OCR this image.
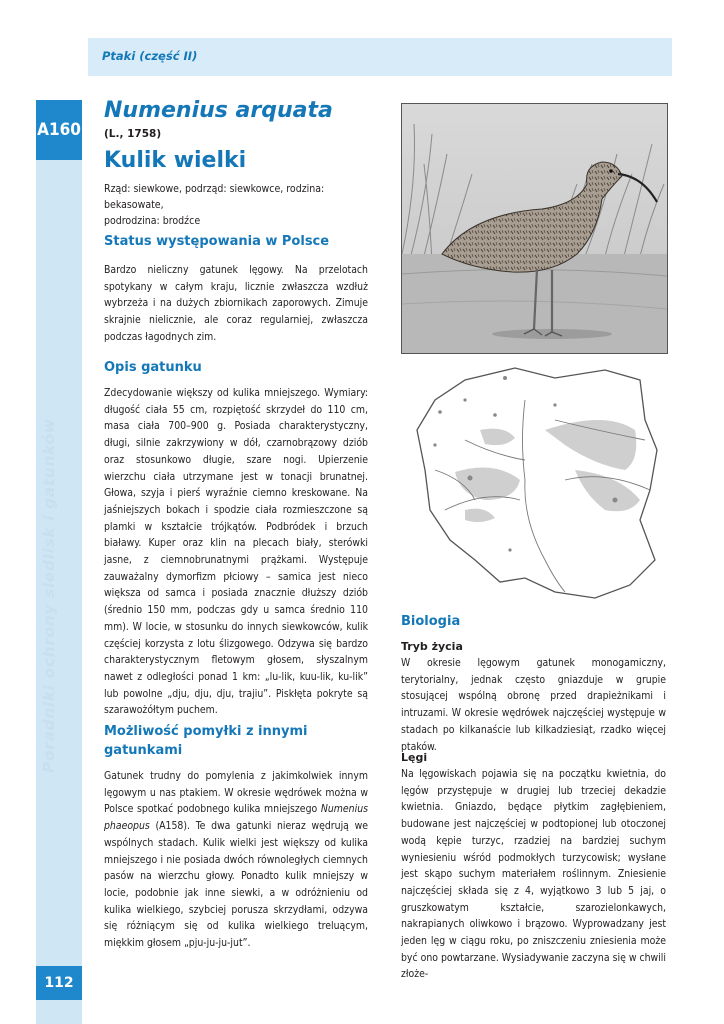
Ptaki (część II)
A160
112
Poradniki ochrony siedlisk i gatunków
Numenius arquata
(L., 1758)
Kulik wielki
Rząd: siewkowe, podrząd: siewkowce, rodzina: bekasowate,
podrodzina: brodźce
Status występowania w Polsce
Bardzo nieliczny gatunek lęgowy. Na przelotach spotykany w całym kraju, licznie zwłaszcza wzdłuż wybrzeża i na dużych zbiornikach zaporowych. Zimuje skrajnie nielicznie, ale coraz regularniej, zwłaszcza podczas łagodnych zim.
Opis gatunku
Zdecydowanie większy od kulika mniejszego. Wymiary: długość ciała 55 cm, rozpiętość skrzydeł do 110 cm, masa ciała 700–900 g. Posiada charakterystyczny, długi, silnie zakrzywiony w dół, czarnobrązowy dziób oraz stosunkowo długie, szare nogi. Upierzenie wierzchu ciała utrzymane jest w tonacji brunatnej. Głowa, szyja i pierś wyraźnie ciemno kreskowane. Na jaśniejszych bokach i spodzie ciała rozmieszczone są plamki w kształcie trójkątów. Podbródek i brzuch białawy. Kuper oraz klin na plecach biały, sterówki jasne, z ciemnobrunatnymi prążkami. Występuje zauważalny dymorfizm płciowy – samica jest nieco większa od samca i posiada znacznie dłuższy dziób (średnio 150 mm, podczas gdy u samca średnio 110 mm). W locie, w stosunku do innych siewkowców, kulik częściej korzysta z lotu ślizgowego. Odzywa się bardzo charakterystycznym fletowym głosem, słyszalnym nawet z odległości ponad 1 km: „lu-lik, kuu-lik, ku-lik” lub powolne „dju, dju, dju, trajiu”. Piskłęta pokryte są szarawożółtym puchem.
Możliwość pomyłki z innymi gatunkami
Gatunek trudny do pomylenia z jakimkolwiek innym lęgowym u nas ptakiem. W okresie wędrówek można w Polsce spotkać podobnego kulika mniejszego Numenius phaeopus (A158). Te dwa gatunki nieraz wędrują we wspólnych stadach. Kulik wielki jest większy od kulika mniejszego i nie posiada dwóch równoległych ciemnych pasów na wierzchu głowy. Ponadto kulik mniejszy w locie, podobnie jak inne siewki, a w odróżnieniu od kulika wielkiego, szybciej porusza skrzydłami, odzywa się różniącym się od kulika wielkiego treluącym, miękkim głosem „pju-ju-ju-jut”.
Biologia
Tryb życia
W okresie lęgowym gatunek monogamiczny, terytorialny, jednak często gniazduje w grupie stosującej wspólną obronę przed drapieżnikami i intruzami. W okresie wędrówek najczęściej występuje w stadach po kilkanaście lub kilkadziesiąt, rzadko więcej ptaków.
Lęgi
Na lęgowiskach pojawia się na początku kwietnia, do lęgów przystępuje w drugiej lub trzeciej dekadzie kwietnia. Gniazdo, będące płytkim zagłębieniem, budowane jest najczęściej w podtopionej lub otoczonej wodą kępie turzyc, rzadziej na bardziej suchym wyniesieniu wśród podmokłych turzycowisk; wysłane jest skąpo suchym materiałem roślinnym. Zniesienie najczęściej składa się z 4, wyjątkowo 3 lub 5 jaj, o gruszkowatym kształcie, szarozielonkawych, nakrapianych oliwkowo i brązowo. Wyprowadzany jest jeden lęg w ciągu roku, po zniszczeniu zniesienia może być ono powtarzane. Wysiadywanie zaczyna się w chwili złoże-
